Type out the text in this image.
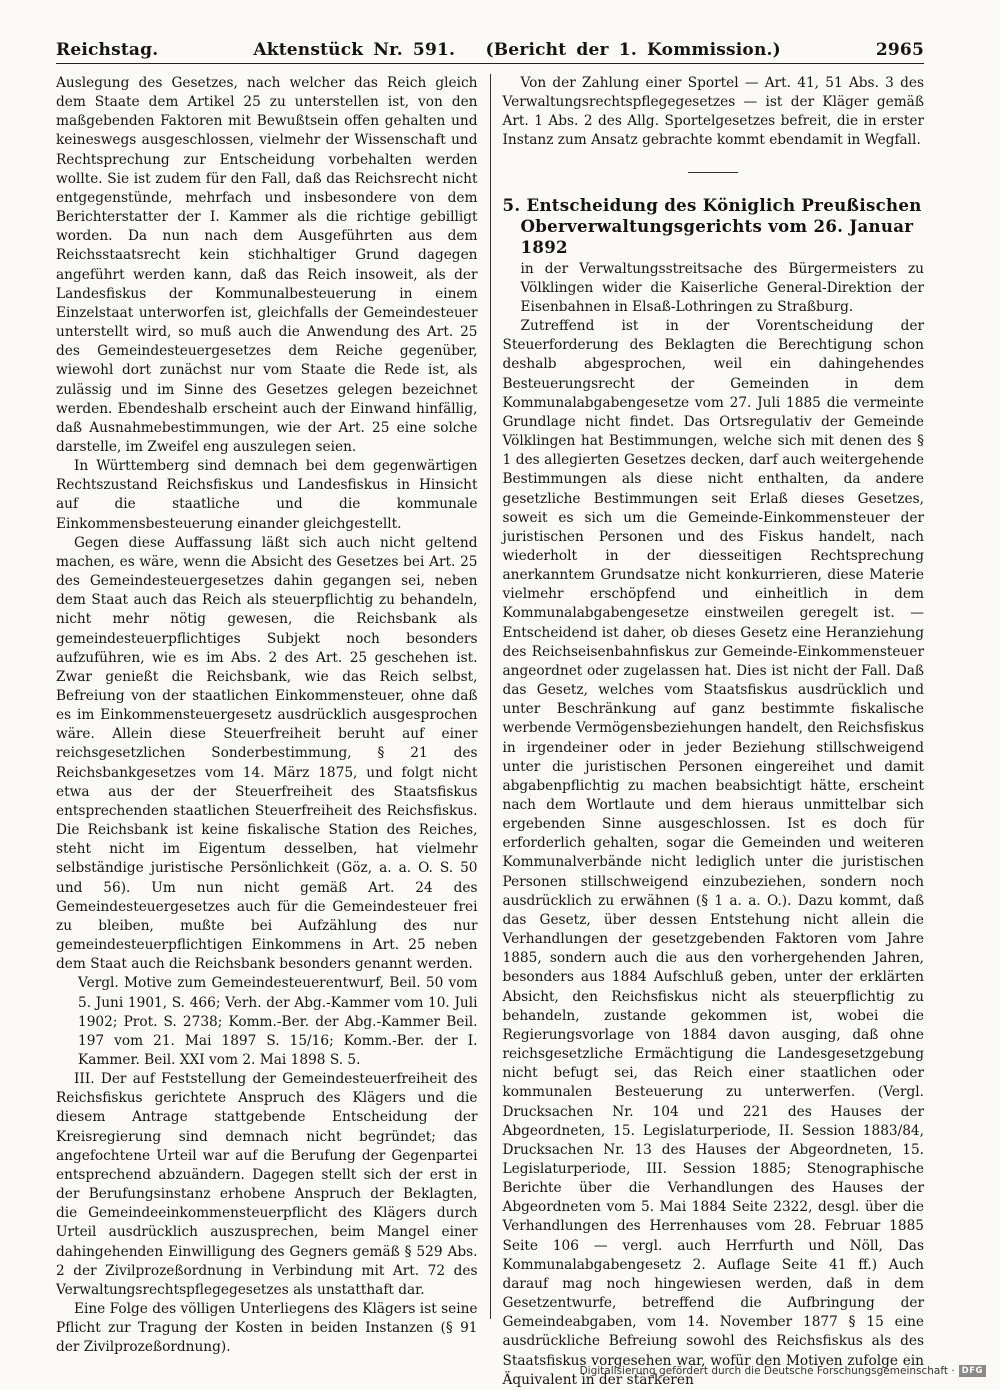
Reichstag.	Aktenstück Nr. 591.   (Bericht der 1. Kommission.)	2965

Auslegung des Gesetzes, nach welcher das Reich gleich dem Staate dem Artikel 25 zu unterstellen ist, von den maßgebenden Faktoren mit Bewußtsein offen gehalten und keineswegs ausgeschlossen, vielmehr der Wissenschaft und Rechtsprechung zur Entscheidung vorbehalten werden wollte. Sie ist zudem für den Fall, daß das Reichsrecht nicht entgegenstünde, mehrfach und insbesondere von dem Berichterstatter der I. Kammer als die richtige gebilligt worden. Da nun nach dem Ausgeführten aus dem Reichsstaatsrecht kein stichhaltiger Grund dagegen angeführt werden kann, daß das Reich insoweit, als der Landesfiskus der Kommunalbesteuerung in einem Einzelstaat unterworfen ist, gleichfalls der Gemeindesteuer unterstellt wird, so muß auch die Anwendung des Art. 25 des Gemeindesteuergesetzes dem Reiche gegenüber, wiewohl dort zunächst nur vom Staate die Rede ist, als zulässig und im Sinne des Gesetzes gelegen bezeichnet werden. Ebendeshalb erscheint auch der Einwand hinfällig, daß Ausnahmebestimmungen, wie der Art. 25 eine solche darstelle, im Zweifel eng auszulegen seien.

In Württemberg sind demnach bei dem gegenwärtigen Rechtszustand Reichsfiskus und Landesfiskus in Hinsicht auf die staatliche und die kommunale Einkommensbesteuerung einander gleichgestellt.

Gegen diese Auffassung läßt sich auch nicht geltend machen, es wäre, wenn die Absicht des Gesetzes bei Art. 25 des Gemeindesteuergesetzes dahin gegangen sei, neben dem Staat auch das Reich als steuerpflichtig zu behandeln, nicht mehr nötig gewesen, die Reichsbank als gemeindesteuerpflichtiges Subjekt noch besonders aufzuführen, wie es im Abs. 2 des Art. 25 geschehen ist. Zwar genießt die Reichsbank, wie das Reich selbst, Befreiung von der staatlichen Einkommensteuer, ohne daß es im Einkommensteuergesetz ausdrücklich ausgesprochen wäre. Allein diese Steuerfreiheit beruht auf einer reichsgesetzlichen Sonderbestimmung, § 21 des Reichsbankgesetzes vom 14. März 1875, und folgt nicht etwa aus der der Steuerfreiheit des Staatsfiskus entsprechenden staatlichen Steuerfreiheit des Reichsfiskus. Die Reichsbank ist keine fiskalische Station des Reiches, steht nicht im Eigentum desselben, hat vielmehr selbständige juristische Persönlichkeit (Göz, a. a. O. S. 50 und 56). Um nun nicht gemäß Art. 24 des Gemeindesteuergesetzes auch für die Gemeindesteuer frei zu bleiben, mußte bei Aufzählung des nur gemeindesteuerpflichtigen Einkommens in Art. 25 neben dem Staat auch die Reichsbank besonders genannt werden.

Vergl. Motive zum Gemeindesteuerentwurf, Beil. 50 vom 5. Juni 1901, S. 466; Verh. der Abg.-Kammer vom 10. Juli 1902; Prot. S. 2738; Komm.-Ber. der Abg.-Kammer Beil. 197 vom 21. Mai 1897 S. 15/16; Komm.-Ber. der I. Kammer. Beil. XXI vom 2. Mai 1898 S. 5.

III. Der auf Feststellung der Gemeindesteuerfreiheit des Reichsfiskus gerichtete Anspruch des Klägers und die diesem Antrage stattgebende Entscheidung der Kreisregierung sind demnach nicht begründet; das angefochtene Urteil war auf die Berufung der Gegenpartei entsprechend abzuändern. Dagegen stellt sich der erst in der Berufungsinstanz erhobene Anspruch der Beklagten, die Gemeindeeinkommensteuerpflicht des Klägers durch Urteil ausdrücklich auszusprechen, beim Mangel einer dahingehenden Einwilligung des Gegners gemäß § 529 Abs. 2 der Zivilprozeßordnung in Verbindung mit Art. 72 des Verwaltungsrechtspflegegesetzes als unstatthaft dar.

Eine Folge des völligen Unterliegens des Klägers ist seine Pflicht zur Tragung der Kosten in beiden Instanzen (§ 91 der Zivilprozeßordnung).

Von der Zahlung einer Sportel — Art. 41, 51 Abs. 3 des Verwaltungsrechtspflegegesetzes — ist der Kläger gemäß Art. 1 Abs. 2 des Allg. Sportelgesetzes befreit, die in erster Instanz zum Ansatz gebrachte kommt ebendamit in Wegfall.

5. Entscheidung des Königlich Preußischen Oberverwaltungsgerichts vom 26. Januar 1892

in der Verwaltungsstreitsache des Bürgermeisters zu Völklingen wider die Kaiserliche General-Direktion der Eisenbahnen in Elsaß-Lothringen zu Straßburg.

Zutreffend ist in der Vorentscheidung der Steuerforderung des Beklagten die Berechtigung schon deshalb abgesprochen, weil ein dahingehendes Besteuerungsrecht der Gemeinden in dem Kommunalabgabengesetze vom 27. Juli 1885 die vermeinte Grundlage nicht findet. Das Ortsregulativ der Gemeinde Völklingen hat Bestimmungen, welche sich mit denen des § 1 des allegierten Gesetzes decken, darf auch weitergehende Bestimmungen als diese nicht enthalten, da andere gesetzliche Bestimmungen seit Erlaß dieses Gesetzes, soweit es sich um die Gemeinde-Einkommensteuer der juristischen Personen und des Fiskus handelt, nach wiederholt in der diesseitigen Rechtsprechung anerkanntem Grundsatze nicht konkurrieren, diese Materie vielmehr erschöpfend und einheitlich in dem Kommunalabgabengesetze einstweilen geregelt ist. — Entscheidend ist daher, ob dieses Gesetz eine Heranziehung des Reichseisenbahnfiskus zur Gemeinde-Einkommensteuer angeordnet oder zugelassen hat. Dies ist nicht der Fall. Daß das Gesetz, welches vom Staatsfiskus ausdrücklich und unter Beschränkung auf ganz bestimmte fiskalische werbende Vermögensbeziehungen handelt, den Reichsfiskus in irgendeiner oder in jeder Beziehung stillschweigend unter die juristischen Personen eingereihet und damit abgabenpflichtig zu machen beabsichtigt hätte, erscheint nach dem Wortlaute und dem hieraus unmittelbar sich ergebenden Sinne ausgeschlossen. Ist es doch für erforderlich gehalten, sogar die Gemeinden und weiteren Kommunalverbände nicht lediglich unter die juristischen Personen stillschweigend einzubeziehen, sondern noch ausdrücklich zu erwähnen (§ 1 a. a. O.). Dazu kommt, daß das Gesetz, über dessen Entstehung nicht allein die Verhandlungen der gesetzgebenden Faktoren vom Jahre 1885, sondern auch die aus den vorhergehenden Jahren, besonders aus 1884 Aufschluß geben, unter der erklärten Absicht, den Reichsfiskus nicht als steuerpflichtig zu behandeln, zustande gekommen ist, wobei die Regierungsvorlage von 1884 davon ausging, daß ohne reichsgesetzliche Ermächtigung die Landesgesetzgebung nicht befugt sei, das Reich einer staatlichen oder kommunalen Besteuerung zu unterwerfen. (Vergl. Drucksachen Nr. 104 und 221 des Hauses der Abgeordneten, 15. Legislaturperiode, II. Session 1883/84, Drucksachen Nr. 13 des Hauses der Abgeordneten, 15. Legislaturperiode, III. Session 1885; Stenographische Berichte über die Verhandlungen des Hauses der Abgeordneten vom 5. Mai 1884 Seite 2322, desgl. über die Verhandlungen des Herrenhauses vom 28. Februar 1885 Seite 106 — vergl. auch Herrfurth und Nöll, Das Kommunalabgabengesetz 2. Auflage Seite 41 ff.) Auch darauf mag noch hingewiesen werden, daß in dem Gesetzentwurfe, betreffend die Aufbringung der Gemeindeabgaben, vom 14. November 1877 § 15 eine ausdrückliche Befreiung sowohl des Reichsfiskus als des Staatsfiskus vorgesehen war, wofür den Motiven zufolge ein Äquivalent in der stärkeren

Digitalisierung gefördert durch die Deutsche Forschungsgemeinschaft · DFG
